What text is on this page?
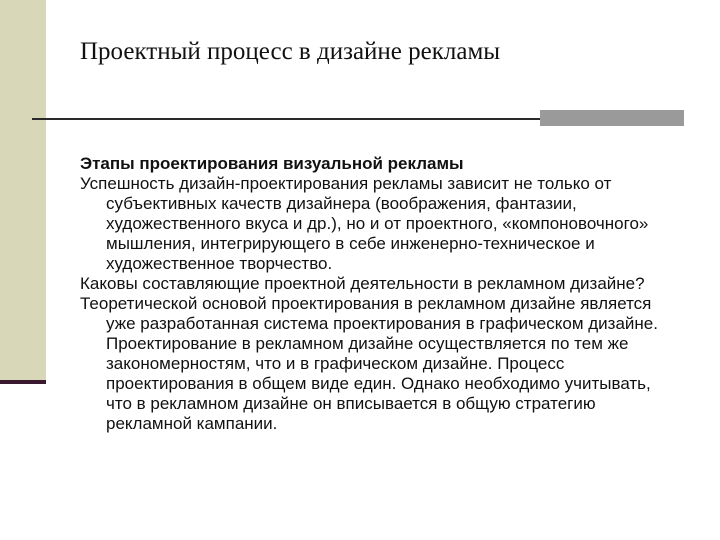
Проектный процесс в дизайне рекламы

Этапы проектирования визуальной рекламы

Успешность дизайн-проектирования рекламы зависит не только от субъективных качеств дизайнера (воображения, фантазии, художественного вкуса и др.), но и от проектного, «компоновочного» мышления, интегрирующего в себе инженерно-техническое и художественное творчество.

Каковы составляющие проектной деятельности в рекламном дизайне?

Теоретической основой проектирования в рекламном дизайне является уже разработанная система проектирования в графическом дизайне. Проектирование в рекламном дизайне осуществляется по тем же закономерностям, что и в графическом дизайне. Процесс проектирования в общем виде един. Однако необходимо учитывать, что в рекламном дизайне он вписывается в общую стратегию рекламной кампании.
